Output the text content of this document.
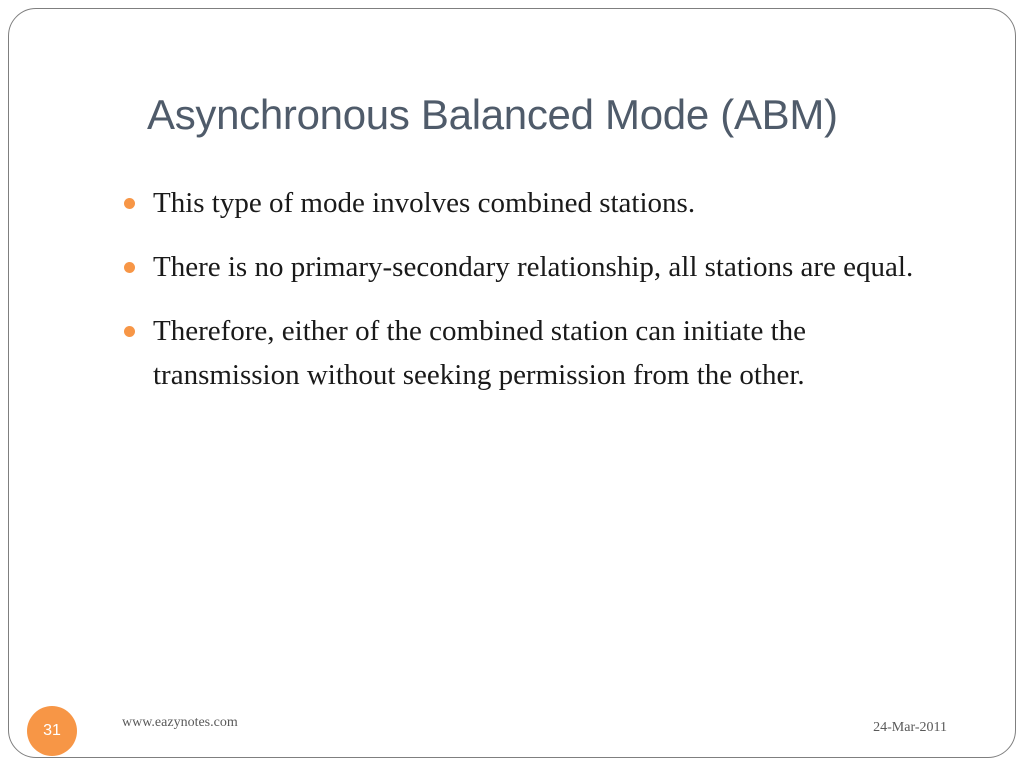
Asynchronous Balanced Mode (ABM)
This type of mode involves combined stations.
There is no primary-secondary relationship, all stations are equal.
Therefore, either of the combined station can initiate the transmission without seeking permission from the other.
31	www.eazynotes.com	24-Mar-2011
